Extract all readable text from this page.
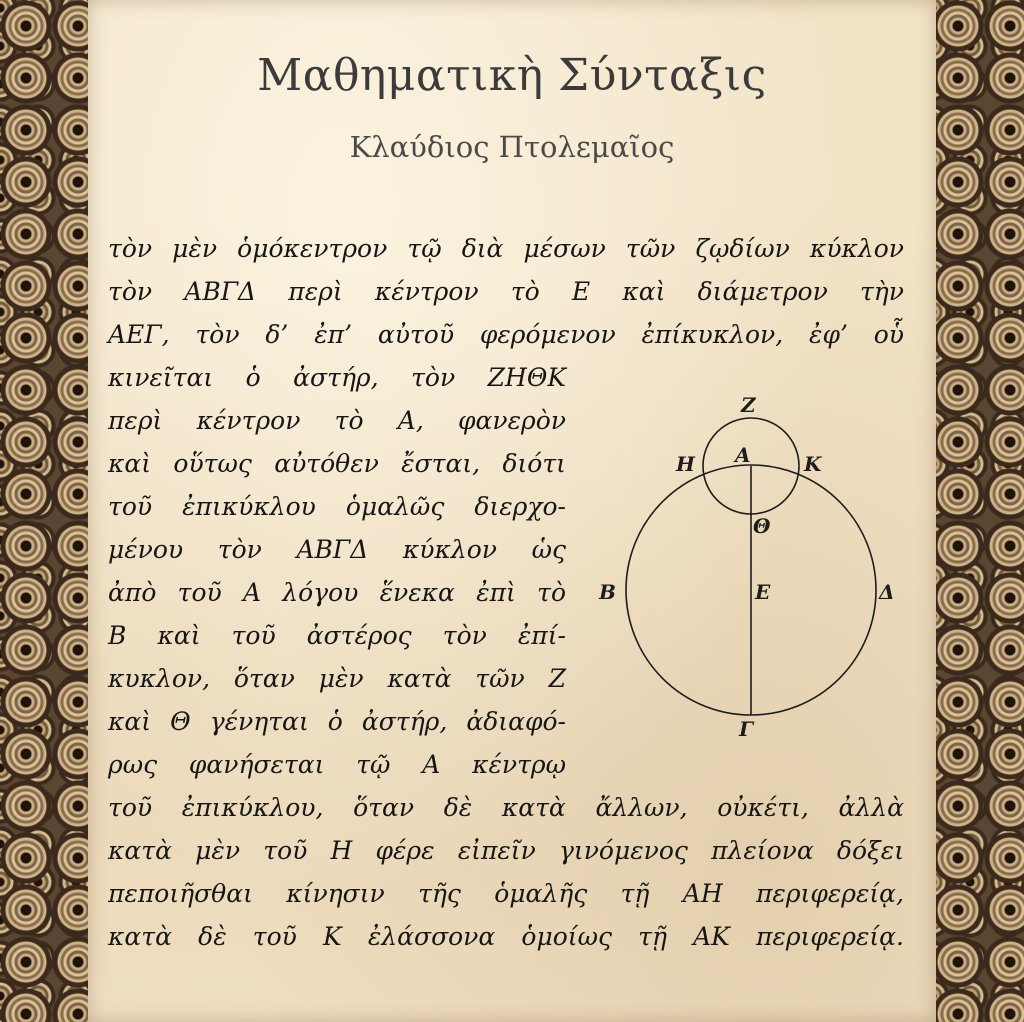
Μαθηματικὴ Σύνταξις
Κλαύδιος Πτολεμαῖος
τὸν μὲν ὁμόκεντρον τῷ διὰ μέσων τῶν ζῳδίων κύκλον
τὸν ΑΒΓΔ περὶ κέντρον τὸ Ε καὶ διάμετρον τὴν
ΑΕΓ, τὸν δ’ ἐπ’ αὐτοῦ φερόμενον ἐπίκυκλον, ἐφ’ οὗ
κινεῖται ὁ ἀστήρ, τὸν ΖΗΘΚ
περὶ κέντρον τὸ Α, φανερὸν
καὶ οὕτως αὐτόθεν ἔσται, διότι
τοῦ ἐπικύκλου ὁμαλῶς διερχο-
μένου τὸν ΑΒΓΔ κύκλον ὡς
ἀπὸ τοῦ Α λόγου ἕνεκα ἐπὶ τὸ
Β καὶ τοῦ ἀστέρος τὸν ἐπί-
κυκλον, ὅταν μὲν κατὰ τῶν Ζ
καὶ Θ γένηται ὁ ἀστήρ, ἀδιαφό-
ρως φανήσεται τῷ Α κέντρῳ
τοῦ ἐπικύκλου, ὅταν δὲ κατὰ ἄλλων, οὐκέτι, ἀλλὰ
κατὰ μὲν τοῦ Η φέρε εἰπεῖν γινόμενος πλείονα δόξει
πεποιῆσθαι κίνησιν τῆς ὁμαλῆς τῇ ΑΗ περιφερείᾳ,
κατὰ δὲ τοῦ Κ ἐλάσσονα ὁμοίως τῇ ΑΚ περιφερείᾳ.
Z
H A	K
Θ
B	E	Δ
Γ
